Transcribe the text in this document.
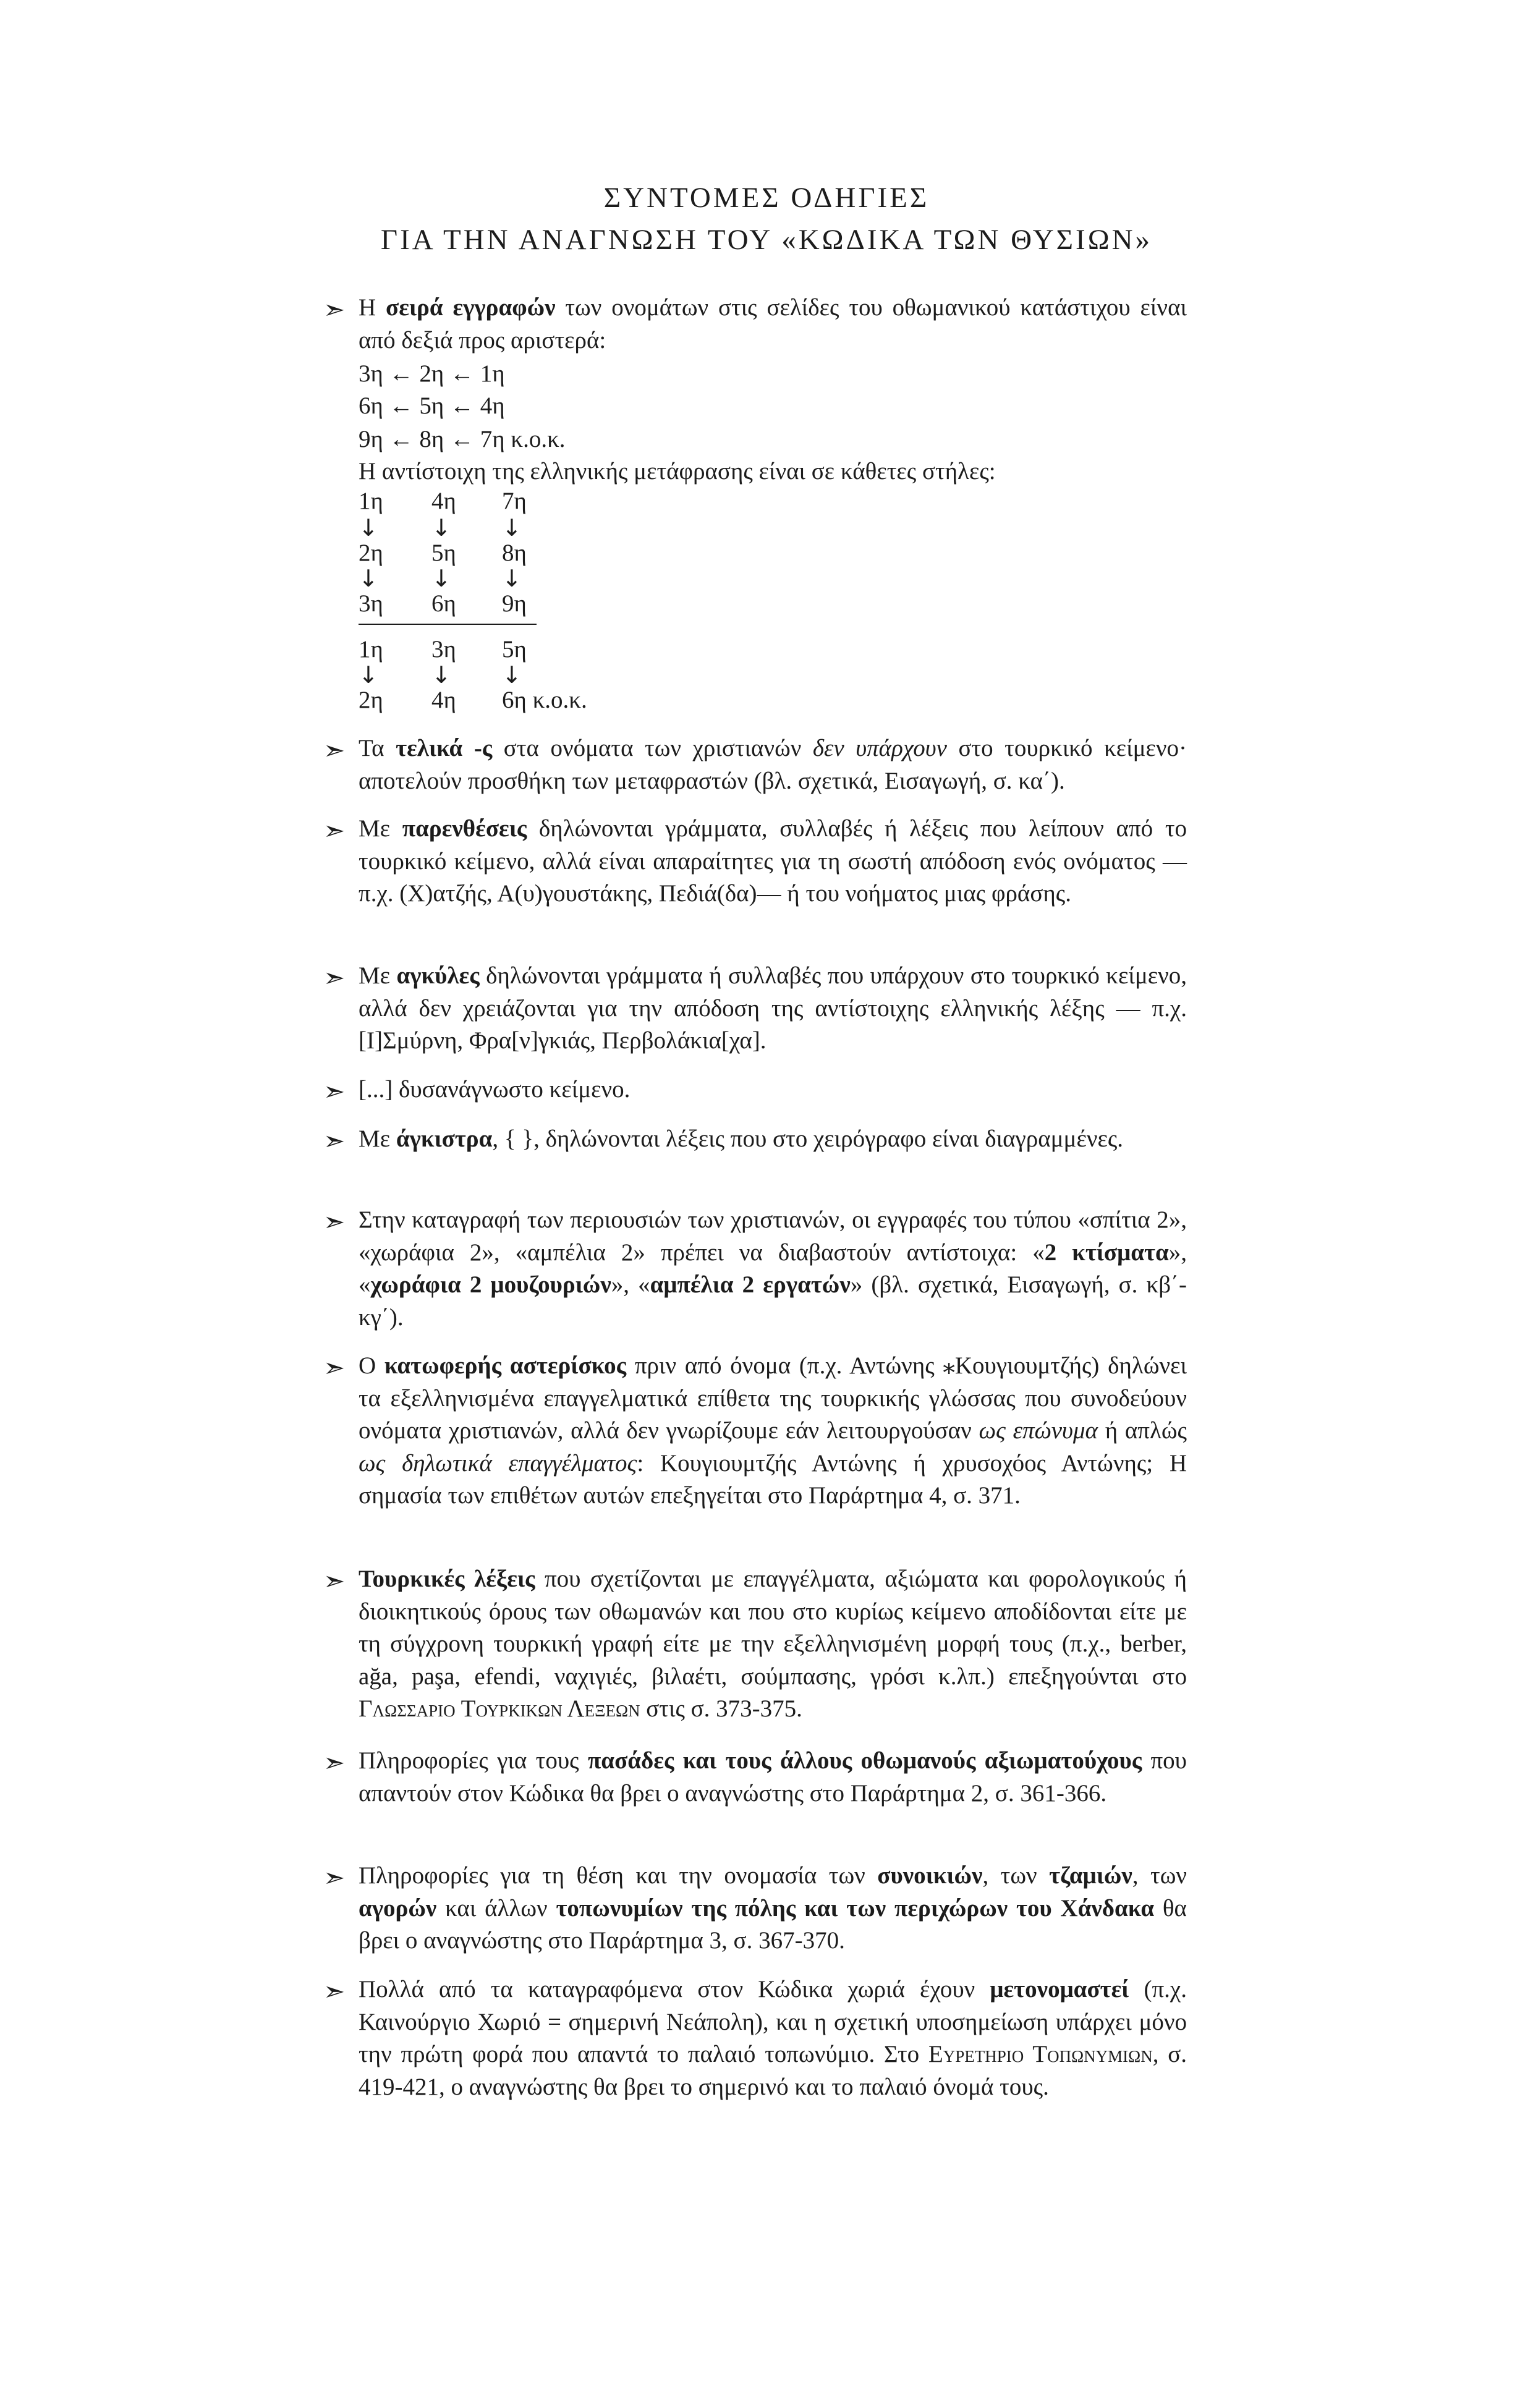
ΣΥΝΤΟΜΕΣ ΟΔΗΓΙΕΣ
ΓΙΑ ΤΗΝ ΑΝΑΓΝΩΣΗ ΤΟΥ «ΚΩΔΙΚΑ ΤΩΝ ΘΥΣΙΩΝ»
➣ Η σειρά εγγραφών των ονομάτων στις σελίδες του οθωμανικού κατάστιχου είναι από δεξιά προς αριστερά:
3η ← 2η ← 1η
6η ← 5η ← 4η
9η ← 8η ← 7η κ.ο.κ.
Η αντίστοιχη της ελληνικής μετάφρασης είναι σε κάθετες στήλες:
1η 4η 7η
↓ ↓ ↓
2η 5η 8η
↓ ↓ ↓
3η 6η 9η
1η 3η 5η
↓ ↓ ↓
2η 4η 6η κ.ο.κ.
➣ Τα τελικά -ς στα ονόματα των χριστιανών δεν υπάρχουν στο τουρκικό κείμενο· αποτελούν προσθήκη των μεταφραστών (βλ. σχετικά, Εισαγωγή, σ. κα΄).
➣ Με παρενθέσεις δηλώνονται γράμματα, συλλαβές ή λέξεις που λείπουν από το τουρκικό κείμενο, αλλά είναι απαραίτητες για τη σωστή απόδοση ενός ονόματος —π.χ. (Χ)ατζής, Α(υ)γουστάκης, Πεδιά(δα)— ή του νοήματος μιας φράσης.
➣ Με αγκύλες δηλώνονται γράμματα ή συλλαβές που υπάρχουν στο τουρκικό κείμενο, αλλά δεν χρειάζονται για την απόδοση της αντίστοιχης ελληνικής λέξης — π.χ. [Ι]Σμύρνη, Φρα[ν]γκιάς, Περβολάκια[χα].
➣ [...] δυσανάγνωστο κείμενο.
➣ Με άγκιστρα, { }, δηλώνονται λέξεις που στο χειρόγραφο είναι διαγραμμένες.
➣ Στην καταγραφή των περιουσιών των χριστιανών, οι εγγραφές του τύπου «σπίτια 2», «χωράφια 2», «αμπέλια 2» πρέπει να διαβαστούν αντίστοιχα: «2 κτίσματα», «χωράφια 2 μουζουριών», «αμπέλια 2 εργατών» (βλ. σχετικά, Εισαγωγή, σ. κβ΄-κγ΄).
➣ Ο κατωφερής αστερίσκος πριν από όνομα (π.χ. Αντώνης ⁎Κουγιουμτζής) δηλώνει τα εξελληνισμένα επαγγελματικά επίθετα της τουρκικής γλώσσας που συνοδεύουν ονόματα χριστιανών, αλλά δεν γνωρίζουμε εάν λειτουργούσαν ως επώνυμα ή απλώς ως δηλωτικά επαγγέλματος: Κουγιουμτζής Αντώνης ή χρυσοχόος Αντώνης; Η σημασία των επιθέτων αυτών επεξηγείται στο Παράρτημα 4, σ. 371.
➣ Τουρκικές λέξεις που σχετίζονται με επαγγέλματα, αξιώματα και φορολογικούς ή διοικητικούς όρους των οθωμανών και που στο κυρίως κείμενο αποδίδονται είτε με τη σύγχρονη τουρκική γραφή είτε με την εξελληνισμένη μορφή τους (π.χ., berber, ağa, paşa, efendi, ναχιγιές, βιλαέτι, σούμπασης, γρόσι κ.λπ.) επεξηγούνται στο Γλωσσαριο Τουρκικων Λεξεων στις σ. 373-375.
➣ Πληροφορίες για τους πασάδες και τους άλλους οθωμανούς αξιωματούχους που απαντούν στον Κώδικα θα βρει ο αναγνώστης στο Παράρτημα 2, σ. 361-366.
➣ Πληροφορίες για τη θέση και την ονομασία των συνοικιών, των τζαμιών, των αγορών και άλλων τοπωνυμίων της πόλης και των περιχώρων του Χάνδακα θα βρει ο αναγνώστης στο Παράρτημα 3, σ. 367-370.
➣ Πολλά από τα καταγραφόμενα στον Κώδικα χωριά έχουν μετονομαστεί (π.χ. Καινούργιο Χωριό = σημερινή Νεάπολη), και η σχετική υποσημείωση υπάρχει μόνο την πρώτη φορά που απαντά το παλαιό τοπωνύμιο. Στο Ευρετηριο Τοπωνυμιων, σ. 419-421, ο αναγνώστης θα βρει το σημερινό και το παλαιό όνομά τους.
